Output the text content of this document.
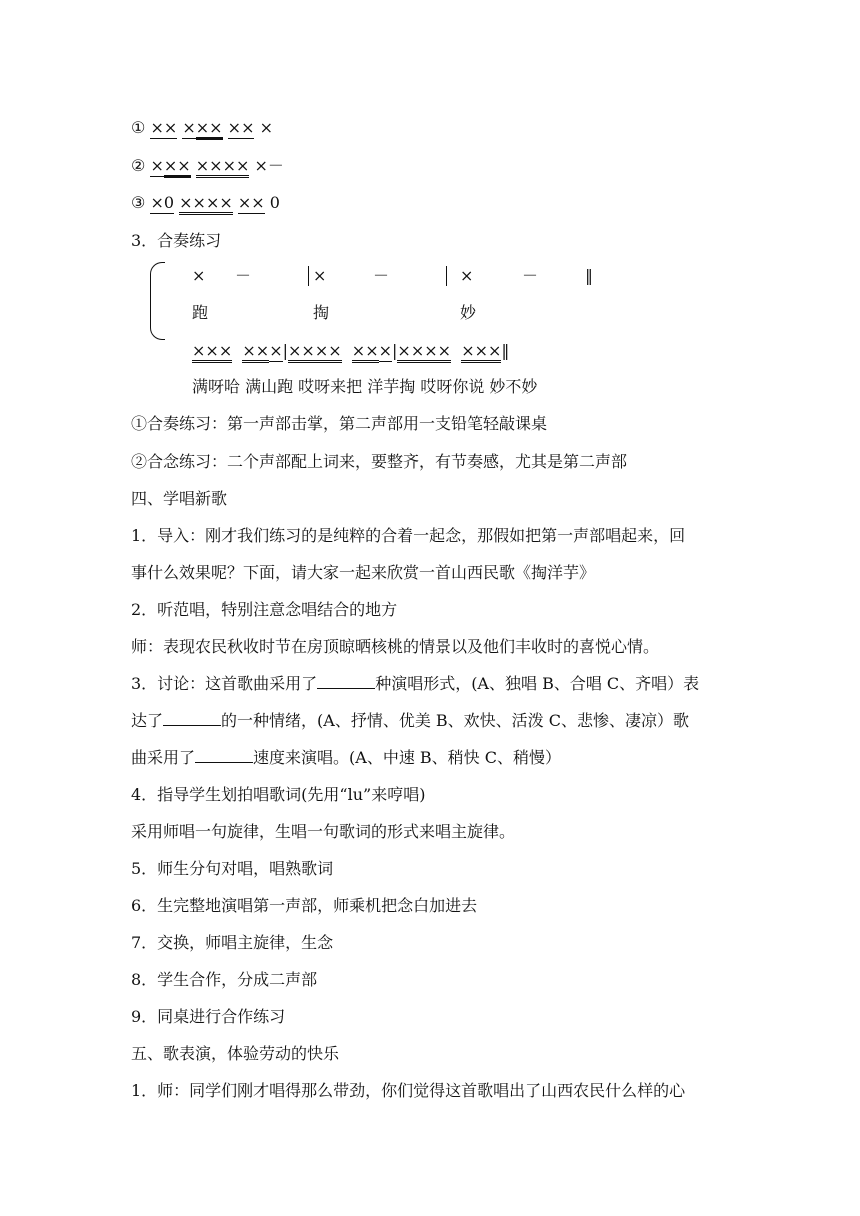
① ×× ××× ×× ×
② ××× ×××× ×－
③ ×0 ×××× ×× 0
3．合奏练习
× －	×	－	×	－	‖
跑	掏	妙
××× ×××|×××× ×××|×××× ×××‖
满呀哈 满山跑 哎呀来把 洋芋掏 哎呀你说 妙不妙
①合奏练习：第一声部击掌，第二声部用一支铅笔轻敲课桌
②合念练习：二个声部配上词来，要整齐，有节奏感，尤其是第二声部
四、学唱新歌
1．导入：刚才我们练习的是纯粹的合着一起念，那假如把第一声部唱起来，回
事什么效果呢？下面，请大家一起来欣赏一首山西民歌《掏洋芋》
2．听范唱，特别注意念唱结合的地方
师：表现农民秋收时节在房顶晾晒核桃的情景以及他们丰收时的喜悦心情。
3．讨论：这首歌曲采用了	种演唱形式，(A、独唱 B、合唱 C、齐唱）表
达了	的一种情绪，(A、抒情、优美 B、欢快、活泼 C、悲惨、凄凉）歌
曲采用了	速度来演唱。(A、中速 B、稍快 C、稍慢）
4．指导学生划拍唱歌词(先用“lu”来哼唱)
采用师唱一句旋律，生唱一句歌词的形式来唱主旋律。
5．师生分句对唱，唱熟歌词
6．生完整地演唱第一声部，师乘机把念白加进去
7．交换，师唱主旋律，生念
8．学生合作，分成二声部
9．同桌进行合作练习
五、歌表演，体验劳动的快乐
1．师：同学们刚才唱得那么带劲，你们觉得这首歌唱出了山西农民什么样的心
